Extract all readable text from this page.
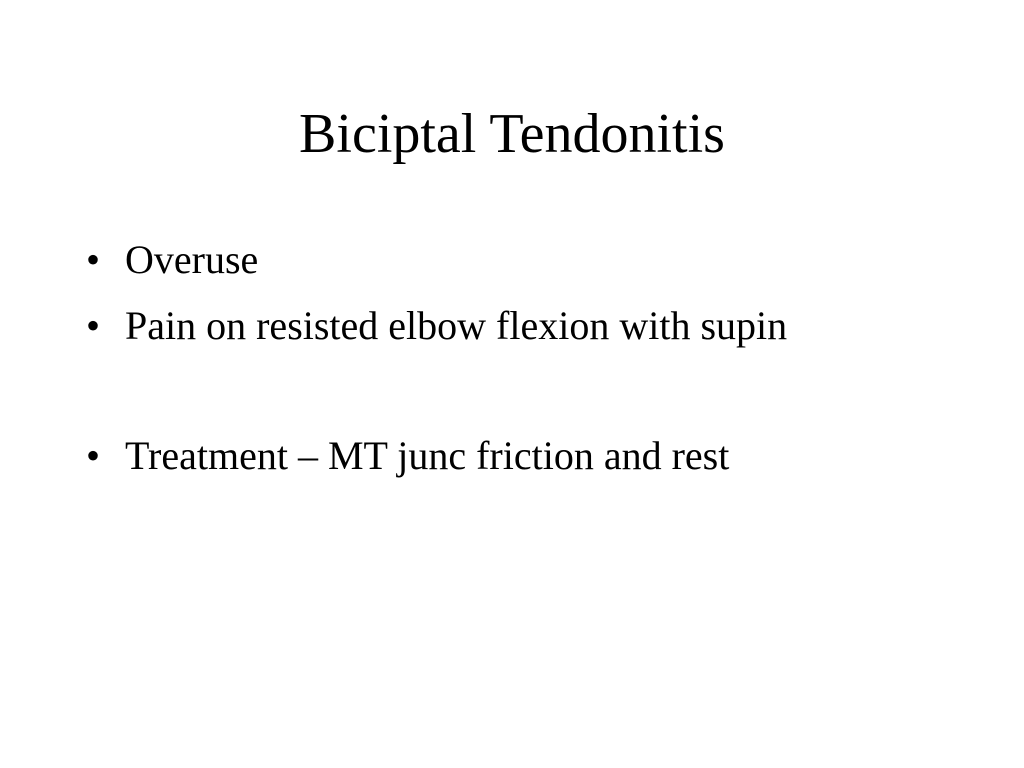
Biciptal Tendonitis
• Overuse
• Pain on resisted elbow flexion with supin
• Treatment – MT junc friction and rest
